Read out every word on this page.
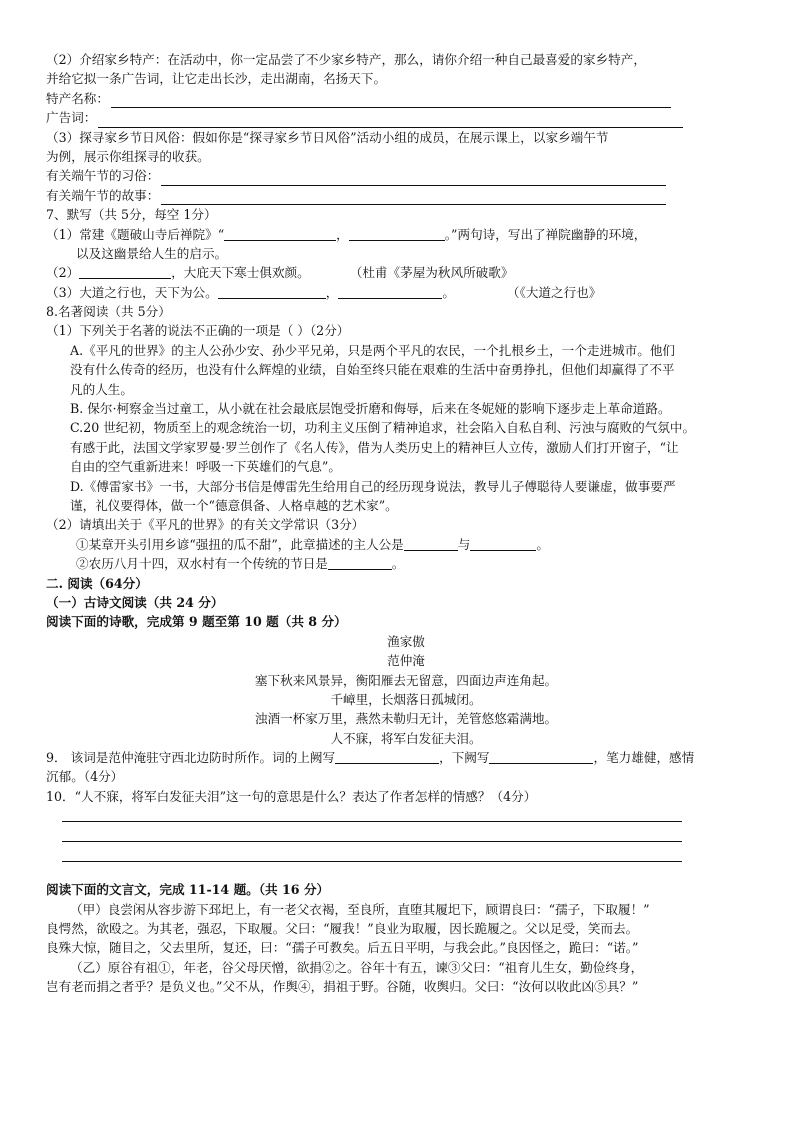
（2）介绍家乡特产：在活动中，你一定品尝了不少家乡特产，那么，请你介绍一种自己最喜爱的家乡特产，
并给它拟一条广告词，让它走出长沙，走出湖南，名扬天下。
特产名称：
广告词：
（3）探寻家乡节日风俗：假如你是“探寻家乡节日风俗”活动小组的成员，在展示课上，以家乡端午节
为例，展示你组探寻的收获。
有关端午节的习俗：
有关端午节的故事：
7、默写（共 5分，每空 1分）
（1）常建《题破山寺后禅院》“	，	。”两句诗，写出了禅院幽静的环境，
以及这幽景给人生的启示。
（2）	，大庇天下寒士俱欢颜。	（杜甫《茅屋为秋风所破歌》
（3）大道之行也，天下为公。	，	。	（《大道之行也》
8.名著阅读（共 5分）
（1）下列关于名著的说法不正确的一项是（ ）（2分）
A.《平凡的世界》的主人公孙少安、孙少平兄弟，只是两个平凡的农民，一个扎根乡土，一个走进城市。他们
没有什么传奇的经历，也没有什么辉煌的业绩，自始至终只能在艰难的生活中奋勇挣扎，但他们却赢得了不平
凡的人生。
B. 保尔·柯察金当过童工，从小就在社会最底层饱受折磨和侮辱，后来在冬妮娅的影响下逐步走上革命道路。
C.20 世纪初，物质至上的观念统治一切，功利主义压倒了精神追求，社会陷入自私自利、污浊与腐败的气氛中。
有感于此，法国文学家罗曼·罗兰创作了《名人传》，借为人类历史上的精神巨人立传，激励人们打开窗子，“让
自由的空气重新进来！呼吸一下英雄们的气息”。
D.《傅雷家书》一书，大部分书信是傅雷先生给用自己的经历现身说法，教导儿子傅聪待人要谦虚，做事要严
谨，礼仪要得体，做一个“德意俱备、人格卓越的艺术家”。
（2）请填出关于《平凡的世界》的有关文学常识（3分）
①某章开头引用乡谚“强扭的瓜不甜”，此章描述的主人公是	与	。
②农历八月十四，双水村有一个传统的节日是	。
二. 阅读（64分）
（一）古诗文阅读（共 24 分）
阅读下面的诗歌，完成第 9 题至第 10 题（共 8 分）
渔家傲
范仲淹
塞下秋来风景异，衡阳雁去无留意，四面边声连角起。
千嶂里，长烟落日孤城闭。
浊酒一杯家万里，燕然未勒归无计，羌管悠悠霜满地。
人不寐，将军白发征夫泪。
9． 该词是范仲淹驻守西北边防时所作。词的上阙写	，下阙写	，笔力雄健，感情
沉郁。（4分）
10．“人不寐，将军白发征夫泪”这一句的意思是什么？表达了作者怎样的情感？（4分）
阅读下面的文言文，完成 11-14 题。（共 16 分）
（甲）良尝闲从容步游下邳圯上，有一老父衣褐，至良所，直堕其履圯下，顾谓良曰：“孺子，下取履！”
良愕然，欲殴之。为其老，强忍，下取履。父曰：“履我！”良业为取履，因长跪履之。父以足受，笑而去。
良殊大惊，随目之，父去里所，复还，曰：“孺子可教矣。后五日平明，与我会此。”良因怪之，跪曰：“诺。”
（乙）原谷有祖①，年老，谷父母厌憎，欲捐②之。谷年十有五，谏③父曰：“祖育儿生女，勤俭终身，
岂有老而捐之者乎？是负义也。”父不从，作舆④，捐祖于野。谷随，收舆归。父曰：“汝何以收此凶⑤具？”
